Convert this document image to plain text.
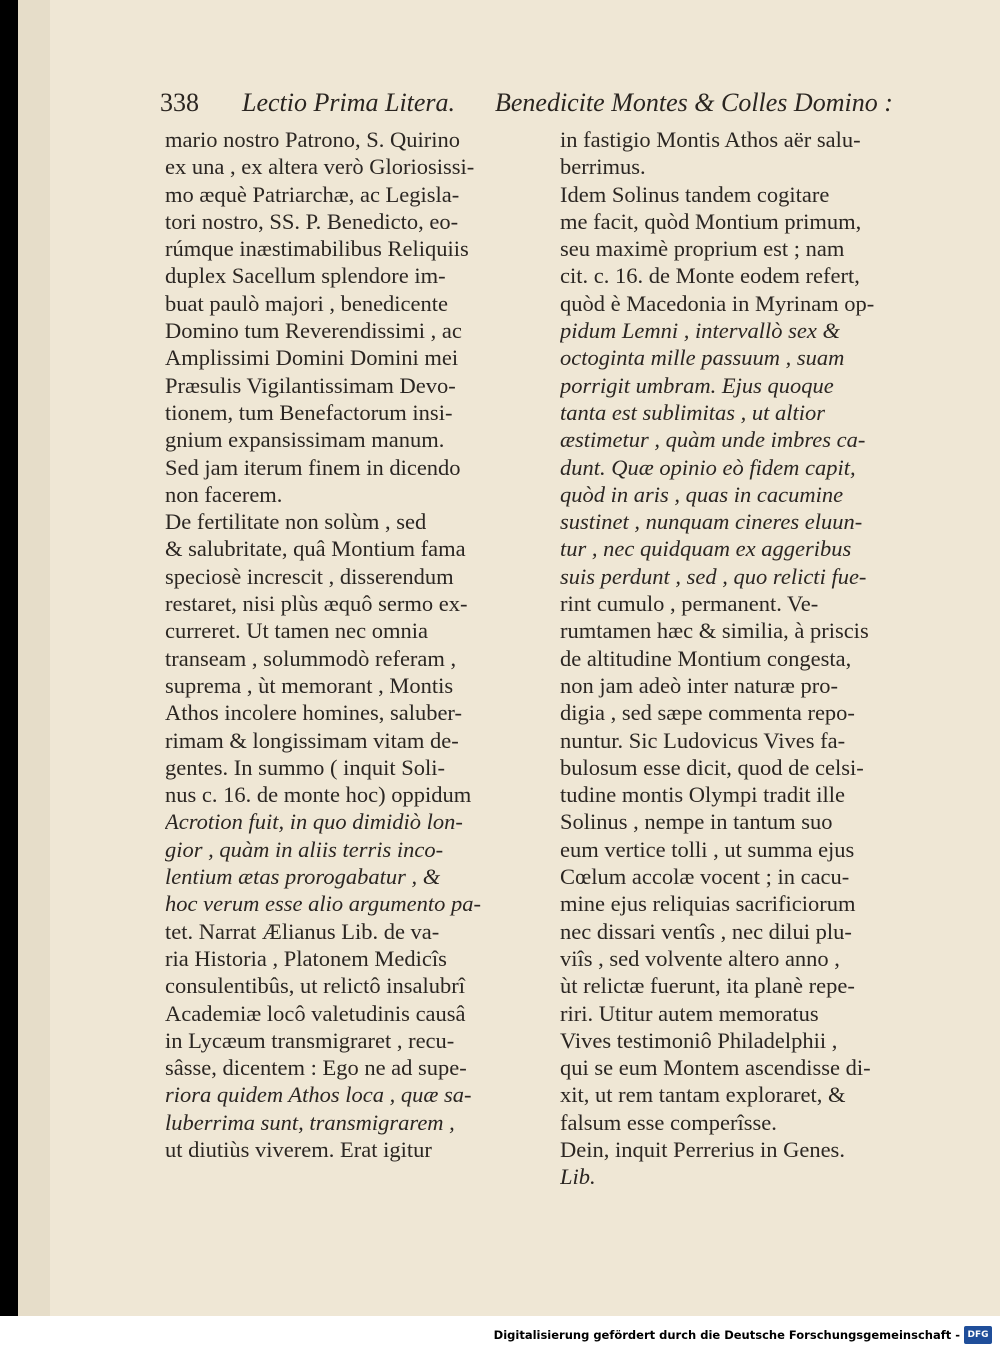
338 Lectio Prima Litera. Benedicite Montes & Colles Domino :
mario nostro Patrono, S. Quirino
ex una , ex altera verò Gloriosissi-
mo æquè Patriarchæ, ac Legisla-
tori nostro, SS. P. Benedicto, eo-
rúmque inæstimabilibus Reliquiis
duplex Sacellum splendore im-
buat paulò majori , benedicente
Domino tum Reverendissimi , ac
Amplissimi Domini Domini mei
Præsulis Vigilantissimam Devo-
tionem, tum Benefactorum insi-
gnium expansissimam manum.
Sed jam iterum finem in dicendo
non facerem.
De fertilitate non solùm , sed
& salubritate, quâ Montium fama
speciosè increscit , disserendum
restaret, nisi plùs æquô sermo ex-
curreret. Ut tamen nec omnia
transeam , solummodò referam ,
suprema , ùt memorant , Montis
Athos incolere homines, saluber-
rimam & longissimam vitam de-
gentes. In summo ( inquit Soli-
nus c. 16. de monte hoc) oppidum
Acrotion fuit, in quo dimidiò lon-
gior , quàm in aliis terris inco-
lentium ætas prorogabatur , &
hoc verum esse alio argumento pa-
tet. Narrat Ælianus Lib. de va-
ria Historia , Platonem Medicîs
consulentibûs, ut relictô insalubrî
Academiæ locô valetudinis causâ
in Lycæum transmigraret , recu-
sâsse, dicentem : Ego ne ad supe-
riora quidem Athos loca , quæ sa-
luberrima sunt, transmigrarem ,
ut diutiùs viverem. Erat igitur
in fastigio Montis Athos aër salu-
berrimus.
Idem Solinus tandem cogitare
me facit, quòd Montium primum,
seu maximè proprium est ; nam
cit. c. 16. de Monte eodem refert,
quòd è Macedonia in Myrinam op-
pidum Lemni , intervallò sex &
octoginta mille passuum , suam
porrigit umbram. Ejus quoque
tanta est sublimitas , ut altior
æstimetur , quàm unde imbres ca-
dunt. Quæ opinio eò fidem capit,
quòd in aris , quas in cacumine
sustinet , nunquam cineres eluun-
tur , nec quidquam ex aggeribus
suis perdunt , sed , quo relicti fue-
rint cumulo , permanent. Ve-
rumtamen hæc & similia, à priscis
de altitudine Montium congesta,
non jam adeò inter naturæ pro-
digia , sed sæpe commenta repo-
nuntur. Sic Ludovicus Vives fa-
bulosum esse dicit, quod de celsi-
tudine montis Olympi tradit ille
Solinus , nempe in tantum suo
eum vertice tolli , ut summa ejus
Cœlum accolæ vocent ; in cacu-
mine ejus reliquias sacrificiorum
nec dissari ventîs , nec dilui plu-
viîs , sed volvente altero anno ,
ùt relictæ fuerunt, ita planè repe-
riri. Utitur autem memoratus
Vives testimoniô Philadelphii ,
qui se eum Montem ascendisse di-
xit, ut rem tantam exploraret, &
falsum esse comperîsse.
Dein, inquit Perrerius in Genes.
Lib.
Digitalisierung gefördert durch die Deutsche Forschungsgemeinschaft - DFG
